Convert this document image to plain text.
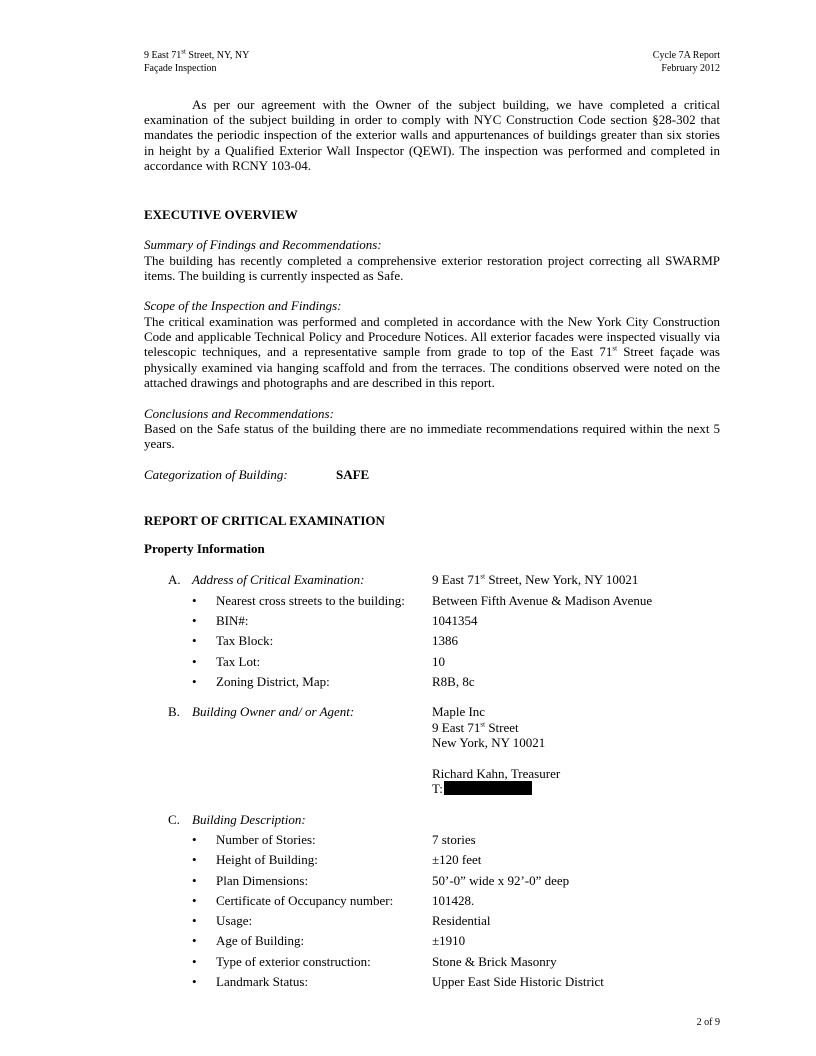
9 East 71st Street, NY, NY
Façade Inspection
Cycle 7A Report
February 2012
As per our agreement with the Owner of the subject building, we have completed a critical examination of the subject building in order to comply with NYC Construction Code section §28-302 that mandates the periodic inspection of the exterior walls and appurtenances of buildings greater than six stories in height by a Qualified Exterior Wall Inspector (QEWI). The inspection was performed and completed in accordance with RCNY 103-04.
EXECUTIVE OVERVIEW
Summary of Findings and Recommendations:
The building has recently completed a comprehensive exterior restoration project correcting all SWARMP items. The building is currently inspected as Safe.
Scope of the Inspection and Findings:
The critical examination was performed and completed in accordance with the New York City Construction Code and applicable Technical Policy and Procedure Notices. All exterior facades were inspected visually via telescopic techniques, and a representative sample from grade to top of the East 71st Street façade was physically examined via hanging scaffold and from the terraces. The conditions observed were noted on the attached drawings and photographs and are described in this report.
Conclusions and Recommendations:
Based on the Safe status of the building there are no immediate recommendations required within the next 5 years.
Categorization of Building:	SAFE
REPORT OF CRITICAL EXAMINATION
Property Information
A. Address of Critical Examination:	9 East 71st Street, New York, NY 10021
• Nearest cross streets to the building: Between Fifth Avenue & Madison Avenue
• BIN#:	1041354
• Tax Block:	1386
• Tax Lot:	10
• Zoning District, Map:	R8B, 8c
B. Building Owner and/ or Agent:	Maple Inc
9 East 71st Street
New York, NY 10021
Richard Kahn, Treasurer
T:
C. Building Description:
• Number of Stories:	7 stories
• Height of Building:	±120 feet
• Plan Dimensions:	50’-0” wide x 92’-0” deep
• Certificate of Occupancy number:	101428.
• Usage:	Residential
• Age of Building:	±1910
• Type of exterior construction:	Stone & Brick Masonry
• Landmark Status:	Upper East Side Historic District
2 of 9
